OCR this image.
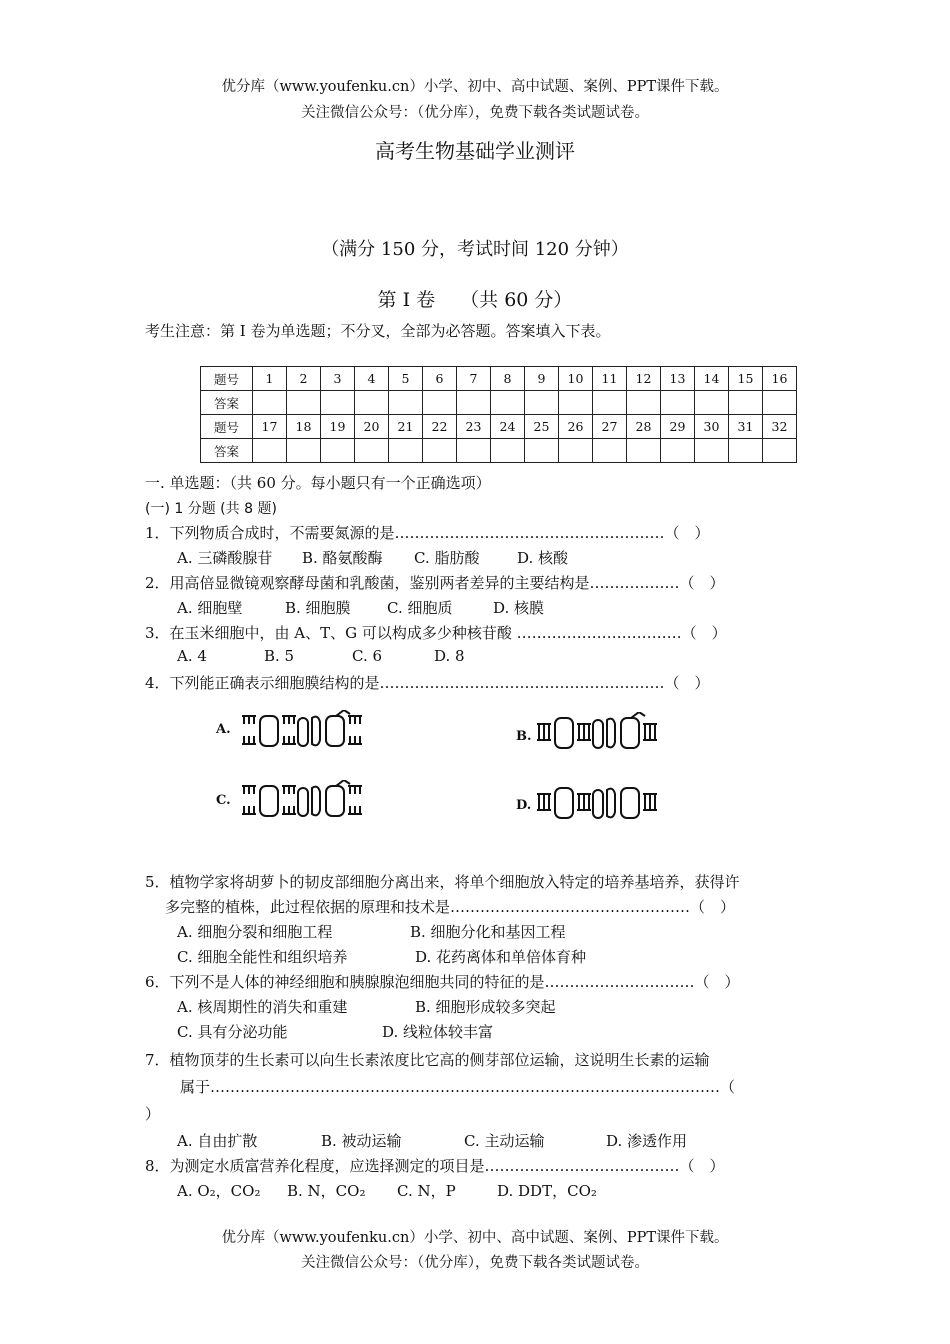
优分库（www.youfenku.cn）小学、初中、高中试题、案例、PPT课件下载。
关注微信公众号：（优分库），免费下载各类试题试卷。
高考生物基础学业测评
（满分 150 分，考试时间 120 分钟）
第 I 卷　 （共 60 分）
考生注意：第 I 卷为单选题；不分叉，全部为必答题。答案填入下表。
题号	1	2	3	4	5	6	7	8	9	10	11	12	13	14	15	16
答案																
题号	17	18	19	20	21	22	23	24	25	26	27	28	29	30	31	32
答案																
一. 单选题：（共 60 分。每小题只有一个正确选项）
(一) 1 分题 (共 8 题)
1．下列物质合成时，不需要氮源的是………………………………………………（　）
A. 三磷酸腺苷 B. 酪氨酸酶 C. 脂肪酸	D. 核酸
2．用高倍显微镜观察酵母菌和乳酸菌，鉴别两者差异的主要结构是………………（　）
A. 细胞壁	B. 细胞膜 C. 细胞质	D. 核膜
3．在玉米细胞中，由 A、T、G 可以构成多少种核苷酸 ……………………………（　）
A. 4	B. 5	C. 6	D. 8
4．下列能正确表示细胞膜结构的是…………………………………………………（　）
A.	B.
C.	D.
5．植物学家将胡萝卜的韧皮部细胞分离出来，将单个细胞放入特定的培养基培养，获得许
多完整的植株，此过程依据的原理和技术是…………………………………………（　）
A. 细胞分裂和细胞工程	B. 细胞分化和基因工程
C. 细胞全能性和组织培养	D. 花药离体和单倍体育种
6．下列不是人体的神经细胞和胰腺腺泡细胞共同的特征的是…………………………（　）
A. 核周期性的消失和重建	B. 细胞形成较多突起
C. 具有分泌功能	D. 线粒体较丰富
7．植物顶芽的生长素可以向生长素浓度比它高的侧芽部位运输，这说明生长素的运输
属于…………………………………………………………………………………………（
）
A. 自由扩散	B. 被动运输	C. 主动运输	D. 渗透作用
8．为测定水质富营养化程度，应选择测定的项目是…………………………………（　）
A. O₂，CO₂ B. N，CO₂ C. N，P	D. DDT，CO₂
优分库（www.youfenku.cn）小学、初中、高中试题、案例、PPT课件下载。
关注微信公众号：（优分库），免费下载各类试题试卷。
